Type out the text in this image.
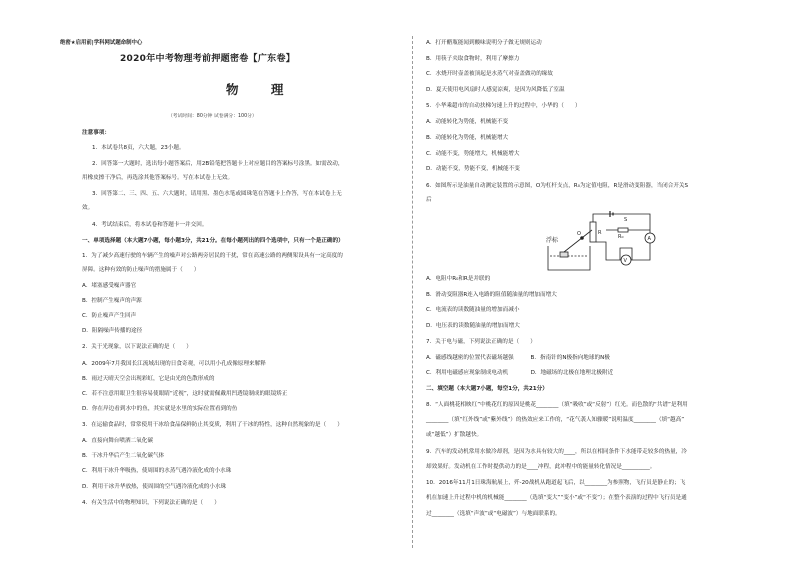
绝密★启用前|学科网试题命制中心
2020年中考物理考前押题密卷【广东卷】
物 理
（考试时间：80分钟 试卷满分：100分）
注意事项：
1．本试卷共8页，六大题，23小题。
2．回答第一大题时，选出每小题答案后，用2B铅笔把答题卡上对应题目的答案标号涂黑。如需改动，
用橡皮擦干净后，再选涂其他答案标号。写在本试卷上无效。
3．回答第二、三、四、五、六大题时，请用黑、墨色水笔或圆珠笔在答题卡上作答，写在本试卷上无
效。
4．考试结束后，将本试卷和答题卡一并交回。
一、单项选择题（本大题7小题，每小题3分，共21分。在每小题列出的四个选项中，只有一个是正确的）
1．为了减少高速行驶的车辆产生的噪声对公路两旁居民的干扰，常在高速公路的两侧架设具有一定高度的
屏障。这种有效的防止噪声的措施属于（　　）
A．堵塞感受噪声器官
B．控制产生噪声的声源
C．防止噪声产生回声
D．阻隔噪声传播的途径
2．关于光现象，以下说法正确的是（　　）
A．2009年7月我国长江流域出现的日食奇观，可以用小孔成像原理来解释
B．雨过天晴天空会出现彩虹，它是由光的色散形成的
C．若不注意用眼卫生很容易使眼睛“近视”，这时就需佩戴用凹透镜制成的眼镜矫正
D．你在岸边看到水中的鱼，其实就是水里的实际位置看到的鱼
3．在运输食品时，常常使用干冰给食品保鲜防止其变质，利用了干冰的特性，这种自然现象的是（　　）
A．直接向舞台喷洒二氧化碳
B．干冰升华后产生二氧化碳气体
C．利用干冰升华吸热，使周围的水蒸气遇冷液化成的小水珠
D．利用干冰升华放热，使周围的空气遇冷液化成的小水珠
4．有关生活中的物理知识，下列说法正确的是（　　）
A．打开醋瓶能闻到酸味说明分子做无规则运动
B．用筷子夹取食物时，利用了摩擦力
C．水烧开时壶盖被顶起是水蒸气对壶盖做功的缘故
D．夏天使用电风扇时人感觉凉爽，是因为风降低了室温
5．小华乘超市的自动扶梯匀速上升的过程中，小华的（　　）
A．动能转化为势能，机械能不变
B．动能转化为势能，机械能增大
C．动能不变，势能增大，机械能增大
D．动能不变，势能不变，机械能不变
6．如图所示是油量自动测定装置的示意图，O为杠杆支点，R₀为定值电阻，R是滑动变阻器，当闭合开关S
后
浮标
S
R₀
R
O
A
V
A．电阻中R₀和R是并联的
B．滑动变阻器R连入电路的阻值随油量的增加而增大
C．电流表的读数随油量的增加而减小
D．电压表的读数随油量的增加而增大
7．关于电与磁，下列说法正确的是（　　）
A．磁感线越密的位置代表磁场越强　　　B．指南针的N极指向地球的N极
C．利用电磁感应现象制成电动机　　　　D．地磁场的北极在地理北极附近
二、填空题（本大题7小题，每空1分，共21分）
8．“人面桃花相映红”中桃花红的原因是桃花________（填“吸收”或“反射”）红光。而色散的“共谱”是利用
________（填“红外线”或“紫外线”）的热效应来工作的，“花气袭人知骤暖”说明温度________（填“越高”
或“越低”）扩散越快。
9．汽车的发动机常用水做冷却剂，是因为水具有较大的____，所以在相同条件下水能带走较多的热量，冷
却效果好。发动机在工作时提供动力的是____冲程，此冲程中的能量转化情况是__________。
10．2016年11月1日珠海航展上，歼-20战机从跑道起飞后，以________为参照物，飞行员是静止的；飞
机在加速上升过程中机的机械能________（选填“变大”“变小”或“不变”）；在整个表演的过程中飞行员是通
过________（选填“声波”或“电磁波”）与地面联系的。
